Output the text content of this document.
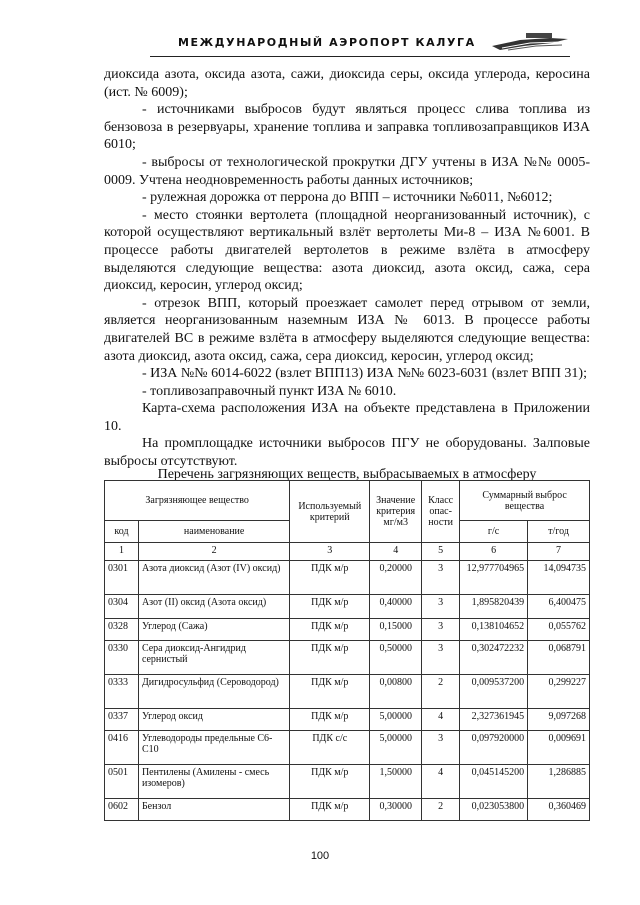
МЕЖДУНАРОДНЫЙ АЭРОПОРТ КАЛУГА

диоксида азота, оксида азота, сажи, диоксида серы, оксида углерода, керосина (ист. № 6009);

- источниками выбросов будут являться процесс слива топлива из бензовоза в резервуары, хранение топлива и заправка топливозаправщиков ИЗА 6010;

- выбросы от технологической прокрутки ДГУ учтены в ИЗА №№ 0005-0009. Учтена неодновременность работы данных источников;

- рулежная дорожка от перрона до ВПП – источники №6011, №6012;

- место стоянки вертолета (площадной неорганизованный источник), с которой осуществляют вертикальный взлёт вертолеты Ми-8 – ИЗА №6001. В процессе работы двигателей вертолетов в режиме взлёта в атмосферу выделяются следующие вещества: азота диоксид, азота оксид, сажа, сера диоксид, керосин, углерод оксид;

- отрезок ВПП, который проезжает самолет перед отрывом от земли, является неорганизованным наземным ИЗА № 6013. В процессе работы двигателей ВС в режиме взлёта в атмосферу выделяются следующие вещества: азота диоксид, азота оксид, сажа, сера диоксид, керосин, углерод оксид;

- ИЗА №№ 6014-6022 (взлет ВПП13) ИЗА №№ 6023-6031 (взлет ВПП 31);

- топливозаправочный пункт ИЗА № 6010.

Карта-схема расположения ИЗА на объекте представлена в Приложении 10.

На промплощадке источники выбросов ПГУ не оборудованы. Залповые выбросы отсутствуют.

Перечень загрязняющих веществ, выбрасываемых в атмосферу
Загрязняющее вещество		Используемый критерий	Значение критерия мг/м3	Класс опас- ности	Суммарный выброс вещества	
код	наименование				г/с	т/год
1	2	3	4	5	6	7
0301	Азота диоксид (Азот (IV) оксид)	ПДК м/р	0,20000	3	12,977704965	14,094735
0304	Азот (II) оксид (Азота оксид)	ПДК м/р	0,40000	3	1,895820439	6,400475
0328	Углерод (Сажа)	ПДК м/р	0,15000	3	0,138104652	0,055762
0330	Сера диоксид-Ангидрид сернистый	ПДК м/р	0,50000	3	0,302472232	0,068791
0333	Дигидросульфид (Сероводород)	ПДК м/р	0,00800	2	0,009537200	0,299227
0337	Углерод оксид	ПДК м/р	5,00000	4	2,327361945	9,097268
0416	Углеводороды предельные С6-С10	ПДК с/с	5,00000	3	0,097920000	0,009691
0501	Пентилены (Амилены - смесь изомеров)	ПДК м/р	1,50000	4	0,045145200	1,286885
0602	Бензол	ПДК м/р	0,30000	2	0,023053800	0,360469
100
